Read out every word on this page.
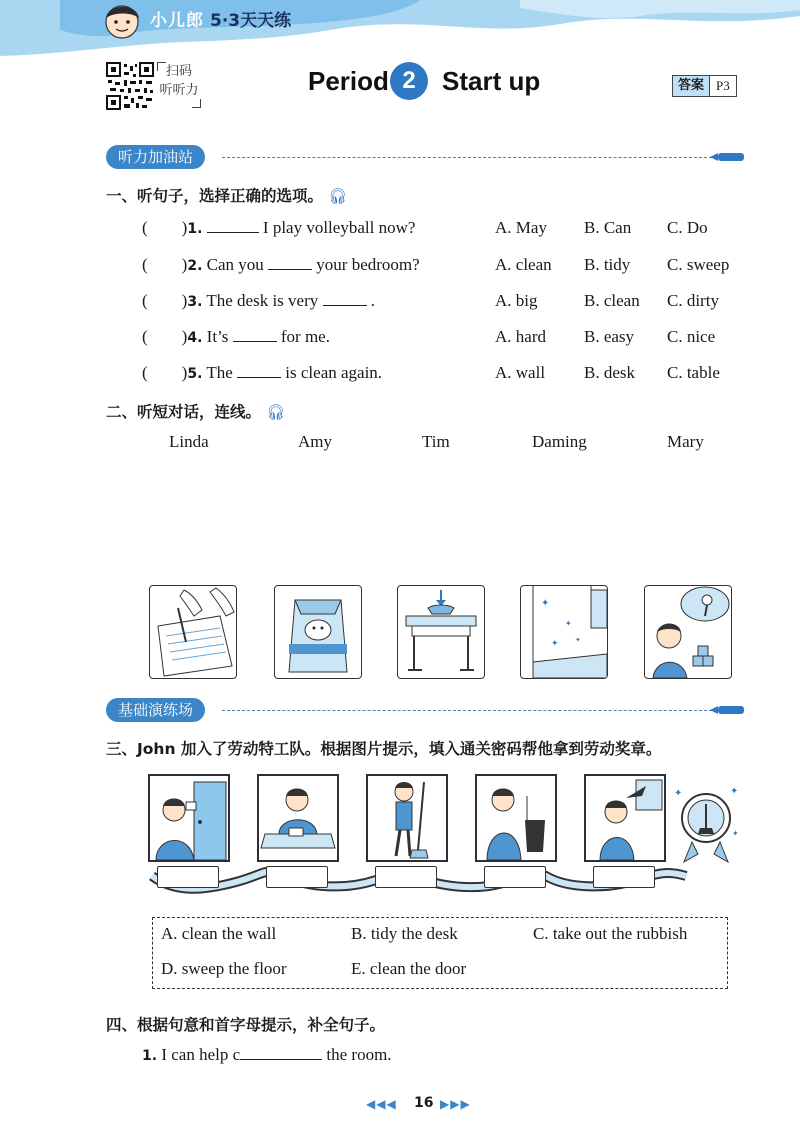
小儿郎 5·3天天练
扫码
听听力	Period 2	Start up	答案 P3
听力加油站
一、听句子，选择正确的选项。 🎧︎
( )1.	I play volleyball now?	A. May B. Can C. Do
( )2. Can you	your bedroom?	A. clean B. tidy C. sweep
( )3. The desk is very	.	A. big	B. clean C. dirty
( )4. It’s	for me.	A. hard B. easy C. nice
( )5. The	is clean again.	A. wall B. desk C. table
二、听短对话，连线。 🎧︎
Linda	Amy	Tim	Daming	Mary
✦
✦
✦ ✦
基础演练场
三、John 加入了劳动特工队。根据图片提示，填入通关密码帮他拿到劳动奖章。
✦	✦
✦
A. clean the wall	B. tidy the desk	C. take out the rubbish
D. sweep the floor	E. clean the door
四、根据句意和首字母提示，补全句子。
1. I can help c	the room.
◀◀◀ 16 ▶▶▶
